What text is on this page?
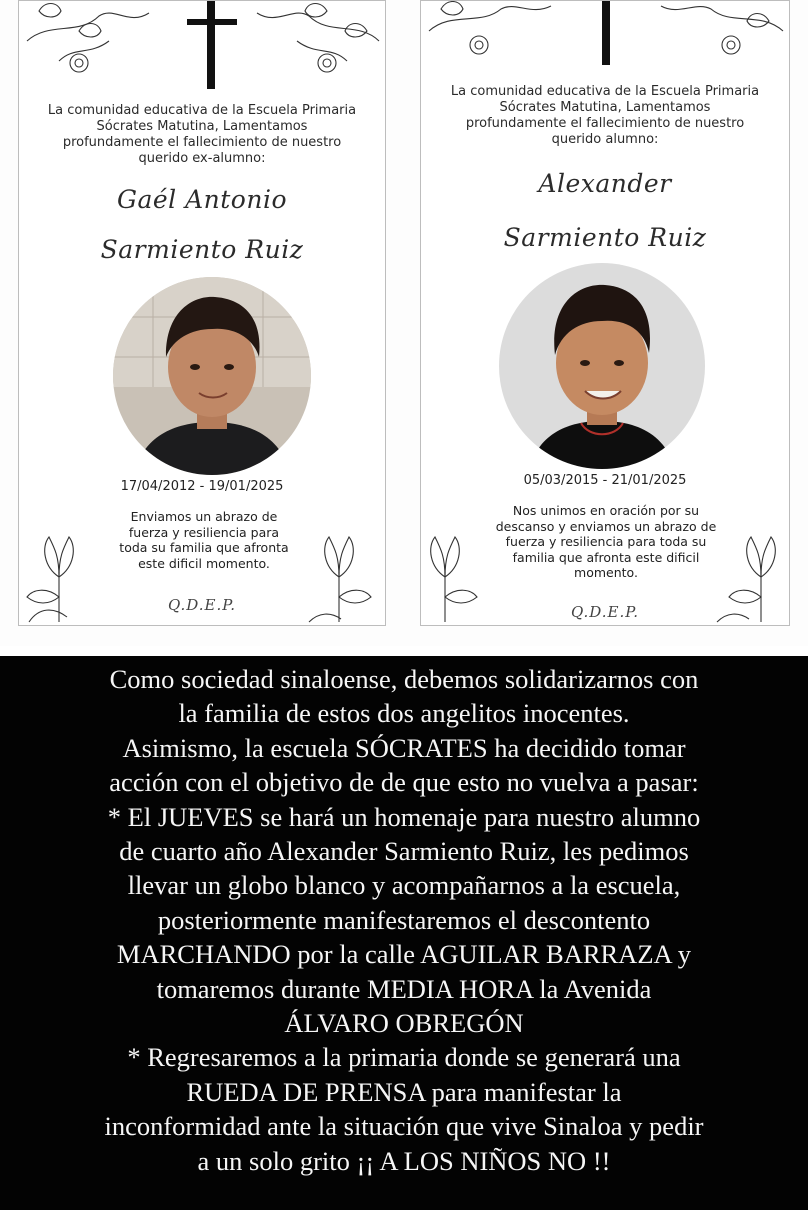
La comunidad educativa de la Escuela Primaria
Sócrates Matutina, Lamentamos
profundamente el fallecimiento de nuestro
querido ex-alumno:
Gaél Antonio
Sarmiento Ruiz
17/04/2012 - 19/01/2025
Enviamos un abrazo de
fuerza y resiliencia para
toda su familia que afronta
este dificil momento.
Q.D.E.P.
La comunidad educativa de la Escuela Primaria
Sócrates Matutina, Lamentamos
profundamente el fallecimiento de nuestro
querido alumno:
Alexander
Sarmiento Ruiz
05/03/2015 - 21/01/2025
Nos unimos en oración por su
descanso y enviamos un abrazo de
fuerza y resiliencia para toda su
familia que afronta este dificil
momento.
Q.D.E.P.
Como sociedad sinaloense, debemos solidarizarnos con
la familia de estos dos angelitos inocentes.
Asimismo, la escuela SÓCRATES ha decidido tomar
acción con el objetivo de de que esto no vuelva a pasar:
* El JUEVES se hará un homenaje para nuestro alumno
de cuarto año Alexander Sarmiento Ruiz, les pedimos
llevar un globo blanco y acompañarnos a la escuela,
posteriormente manifestaremos el descontento
MARCHANDO por la calle AGUILAR BARRAZA y
tomaremos durante MEDIA HORA la Avenida
ÁLVARO OBREGÓN
* Regresaremos a la primaria donde se generará una
RUEDA DE PRENSA para manifestar la
inconformidad ante la situación que vive Sinaloa y pedir
a un solo grito ¡¡ A LOS NIÑOS NO !!
